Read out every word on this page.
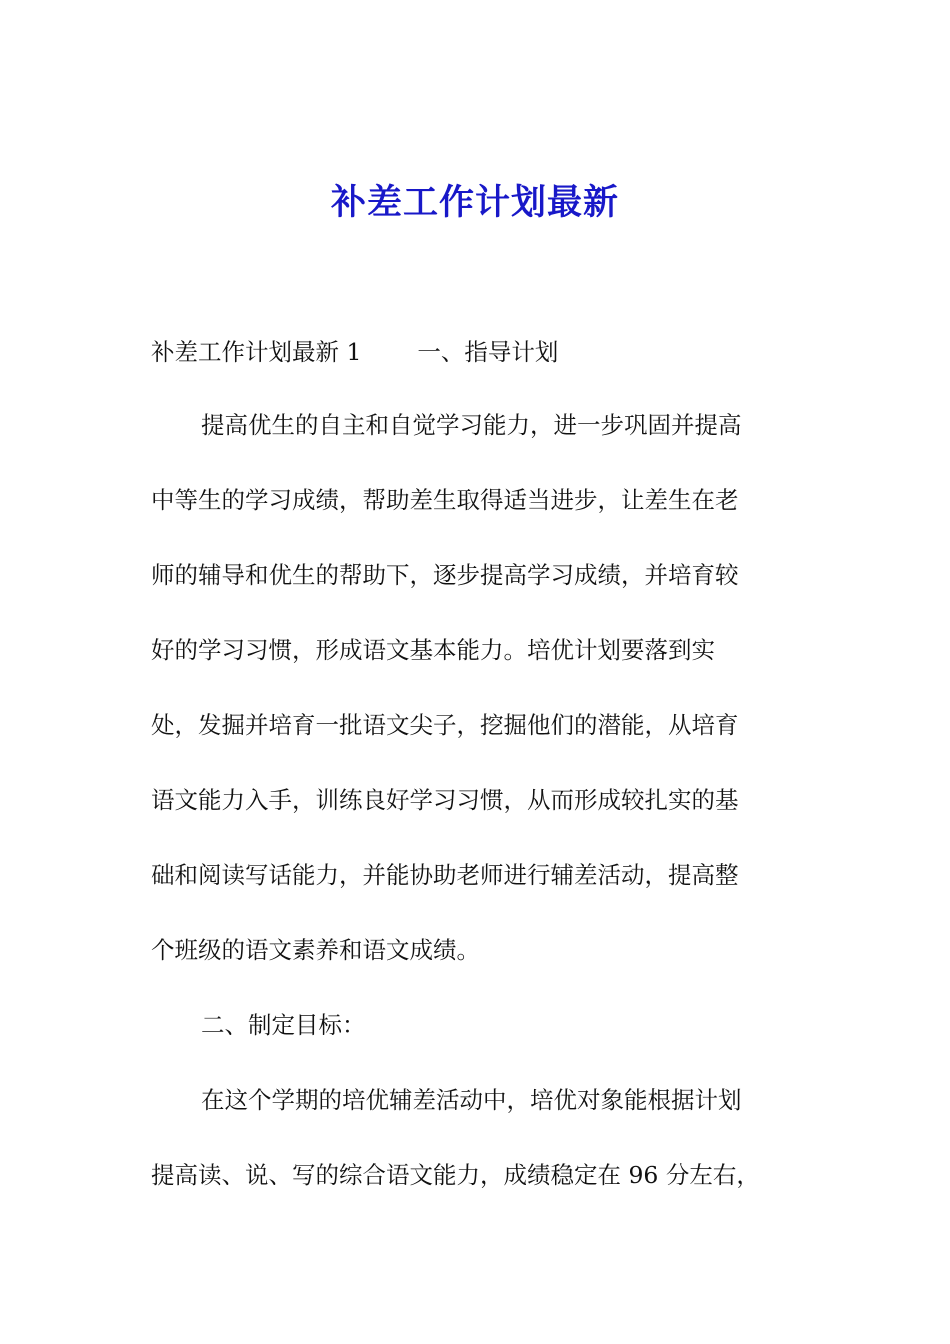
补差工作计划最新
补差工作计划最新 1 一、指导计划
提高优生的自主和自觉学习能力，进一步巩固并提高
中等生的学习成绩，帮助差生取得适当进步，让差生在老
师的辅导和优生的帮助下，逐步提高学习成绩，并培育较
好的学习习惯，形成语文基本能力。培优计划要落到实
处，发掘并培育一批语文尖子，挖掘他们的潜能，从培育
语文能力入手，训练良好学习习惯，从而形成较扎实的基
础和阅读写话能力，并能协助老师进行辅差活动，提高整
个班级的语文素养和语文成绩。
二、制定目标：
在这个学期的培优辅差活动中，培优对象能根据计划
提高读、说、写的综合语文能力，成绩稳定在 96 分左右，
